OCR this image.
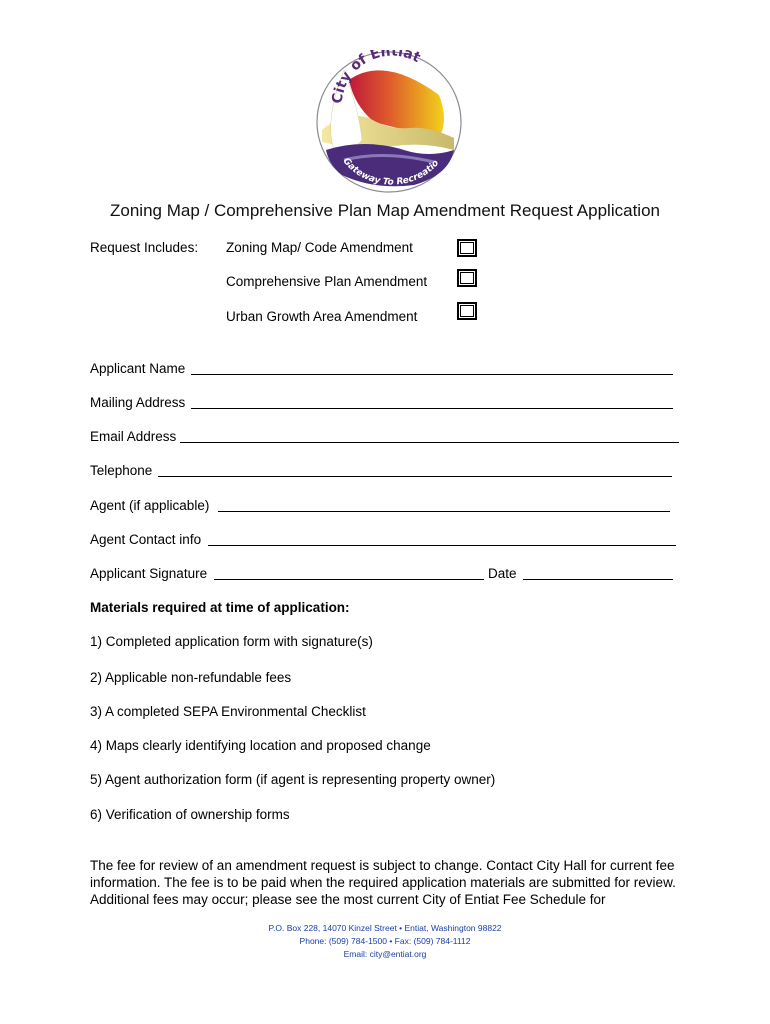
City of Entiat
Gateway To Recreatio
Zoning Map / Comprehensive Plan Map Amendment Request Application
Request Includes: Zoning Map/ Code Amendment
Comprehensive Plan Amendment
Urban Growth Area Amendment
Applicant Name
Mailing Address
Email Address
Telephone
Agent (if applicable)
Agent Contact info
Applicant Signature	Date
Materials required at time of application:
1) Completed application form with signature(s)
2) Applicable non-refundable fees
3) A completed SEPA Environmental Checklist
4) Maps clearly identifying location and proposed change
5) Agent authorization form (if agent is representing property owner)
6) Verification of ownership forms
The fee for review of an amendment request is subject to change. Contact City Hall for current fee information. The fee is to be paid when the required application materials are submitted for review. Additional fees may occur; please see the most current City of Entiat Fee Schedule for
P.O. Box 228, 14070 Kinzel Street • Entiat, Washington 98822
Phone: (509) 784-1500 • Fax: (509) 784-1112
Email: city@entiat.org
